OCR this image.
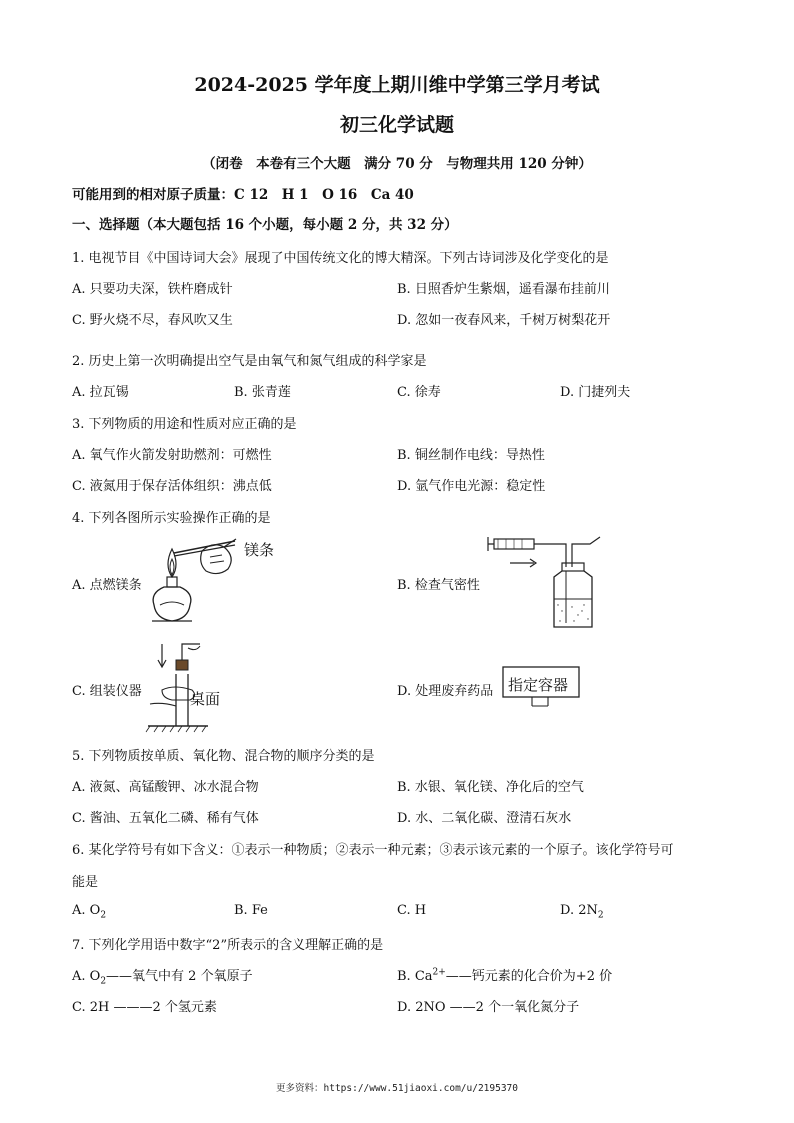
2024-2025 学年度上期川维中学第三学月考试
初三化学试题
（闭卷　本卷有三个大题　满分 70 分　与物理共用 120 分钟）
可能用到的相对原子质量：C 12　H 1　O 16　Ca 40
一、选择题（本大题包括 16 个小题，每小题 2 分，共 32 分）
1. 电视节目《中国诗词大会》展现了中国传统文化的博大精深。下列古诗词涉及化学变化的是
A. 只要功夫深，铁杵磨成针	B. 日照香炉生紫烟，遥看瀑布挂前川
C. 野火烧不尽，春风吹又生	D. 忽如一夜春风来，千树万树梨花开
2. 历史上第一次明确提出空气是由氧气和氮气组成的科学家是
A. 拉瓦锡	B. 张青莲	C. 徐寿	D. 门捷列夫
3. 下列物质的用途和性质对应正确的是
A. 氧气作火箭发射助燃剂：可燃性	B. 铜丝制作电线：导热性
C. 液氮用于保存活体组织：沸点低	D. 氩气作电光源：稳定性
4. 下列各图所示实验操作正确的是
A. 点燃镁条
镁条
B. 检查气密性
C. 组装仪器	桌面	D. 处理废弃药品 指定容器
5. 下列物质按单质、氧化物、混合物的顺序分类的是
A. 液氮、高锰酸钾、冰水混合物	B. 水银、氧化镁、净化后的空气
C. 酱油、五氧化二磷、稀有气体	D. 水、二氧化碳、澄清石灰水
6. 某化学符号有如下含义：①表示一种物质；②表示一种元素；③表示该元素的一个原子。该化学符号可
能是
A. $O_2$	B. Fe	C. H	D. $2N_2$
7. 下列化学用语中数字“2”所表示的含义理解正确的是
A. $O_2——$氧气中有 2 个氧原子	B. $Ca^{2+}——$钙元素的化合价为+2 价
C. 2H ———2 个氢元素	D. 2NO ——2 个一氧化氮分子
更多资料：https://www.51jiaoxi.com/u/2195370
